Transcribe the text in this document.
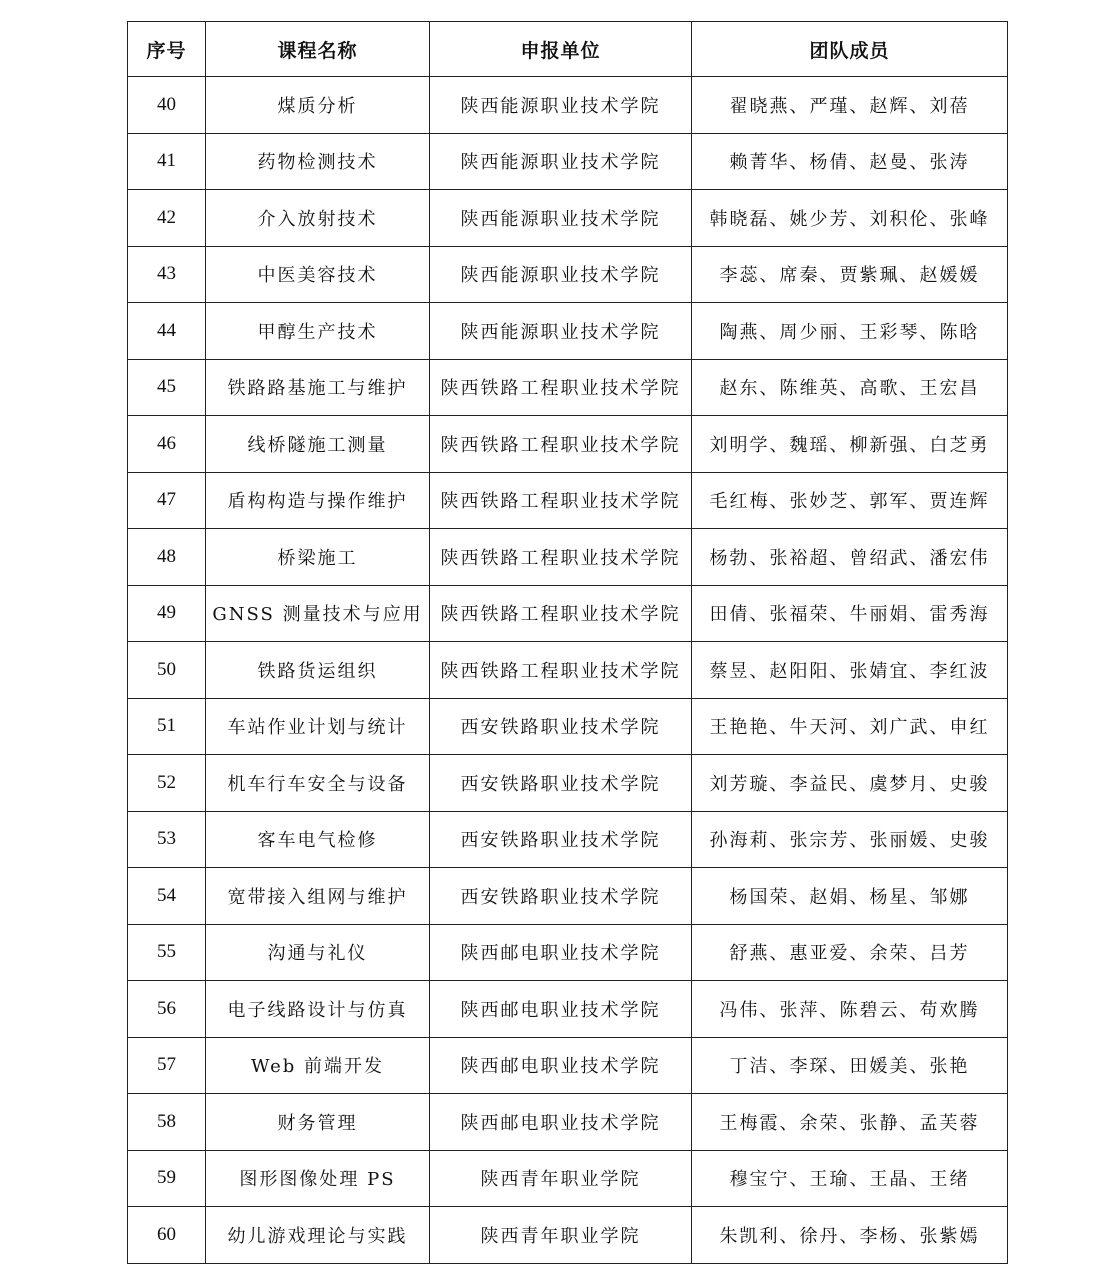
序号	课程名称	申报单位	团队成员
40	煤质分析	陕西能源职业技术学院	翟晓燕、严瑾、赵辉、刘蓓
41	药物检测技术	陕西能源职业技术学院	赖菁华、杨倩、赵曼、张涛
42	介入放射技术	陕西能源职业技术学院	韩晓磊、姚少芳、刘积伦、张峰
43	中医美容技术	陕西能源职业技术学院	李蕊、席秦、贾紫珮、赵媛媛
44	甲醇生产技术	陕西能源职业技术学院	陶燕、周少丽、王彩琴、陈晗
45	铁路路基施工与维护	陕西铁路工程职业技术学院	赵东、陈维英、高歌、王宏昌
46	线桥隧施工测量	陕西铁路工程职业技术学院	刘明学、魏瑶、柳新强、白芝勇
47	盾构构造与操作维护	陕西铁路工程职业技术学院	毛红梅、张妙芝、郭军、贾连辉
48	桥梁施工	陕西铁路工程职业技术学院	杨勃、张裕超、曾绍武、潘宏伟
49	GNSS 测量技术与应用	陕西铁路工程职业技术学院	田倩、张福荣、牛丽娟、雷秀海
50	铁路货运组织	陕西铁路工程职业技术学院	蔡昱、赵阳阳、张婧宜、李红波
51	车站作业计划与统计	西安铁路职业技术学院	王艳艳、牛天河、刘广武、申红
52	机车行车安全与设备	西安铁路职业技术学院	刘芳璇、李益民、虞梦月、史骏
53	客车电气检修	西安铁路职业技术学院	孙海莉、张宗芳、张丽媛、史骏
54	宽带接入组网与维护	西安铁路职业技术学院	杨国荣、赵娟、杨星、邹娜
55	沟通与礼仪	陕西邮电职业技术学院	舒燕、惠亚爱、余荣、吕芳
56	电子线路设计与仿真	陕西邮电职业技术学院	冯伟、张萍、陈碧云、苟欢腾
57	Web 前端开发	陕西邮电职业技术学院	丁洁、李琛、田媛美、张艳
58	财务管理	陕西邮电职业技术学院	王梅霞、余荣、张静、孟芙蓉
59	图形图像处理 PS	陕西青年职业学院	穆宝宁、王瑜、王晶、王绪
60	幼儿游戏理论与实践	陕西青年职业学院	朱凯利、徐丹、李杨、张紫嫣
